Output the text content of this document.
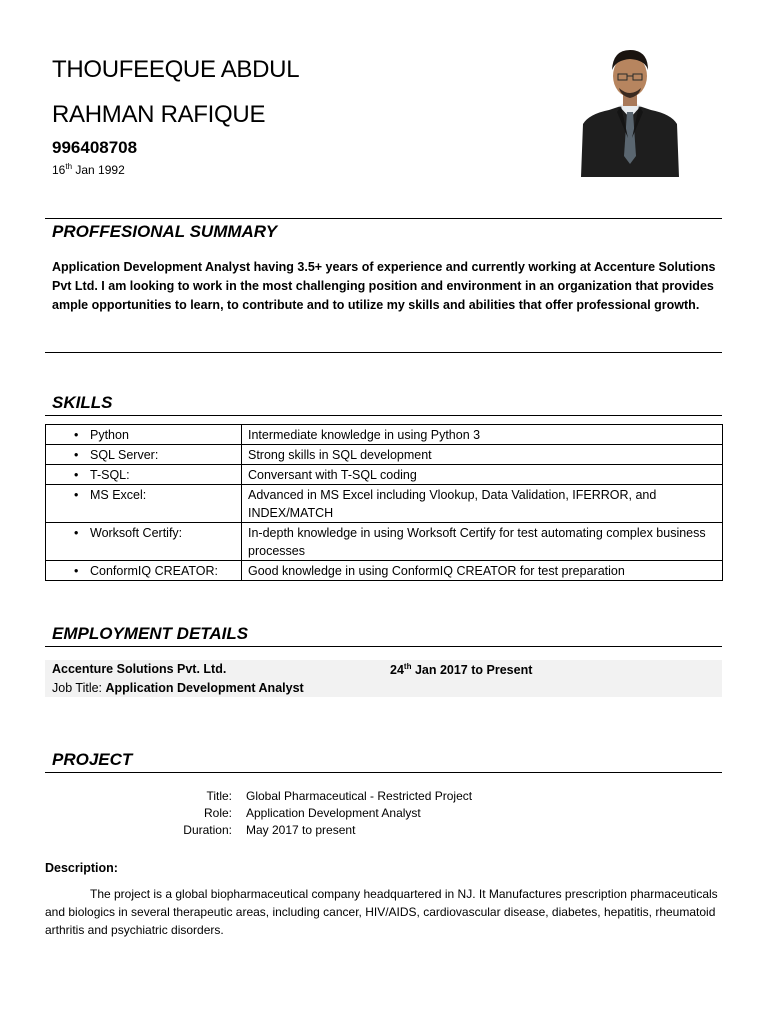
THOUFEEQUE ABDUL
RAHMAN RAFIQUE
996408708
16th Jan 1992
PROFFESIONAL SUMMARY
Application Development Analyst having 3.5+ years of experience and currently working at Accenture Solutions Pvt Ltd. I am looking to work in the most challenging position and environment in an organization that provides ample opportunities to learn, to contribute and to utilize my skills and abilities that offer professional growth.
SKILLS
• Python	Intermediate knowledge in using Python 3
• SQL Server:	Strong skills in SQL development
• T-SQL:	Conversant with T-SQL coding
• MS Excel:	Advanced in MS Excel including Vlookup, Data Validation, IFERROR, and INDEX/MATCH
• Worksoft Certify:	In-depth knowledge in using Worksoft Certify for test automating complex business processes
• ConformIQ CREATOR:	Good knowledge in using ConformIQ CREATOR for test preparation
EMPLOYMENT DETAILS
Accenture Solutions Pvt. Ltd.	24th Jan 2017 to Present
Job Title: Application Development Analyst
PROJECT
Title: Global Pharmaceutical - Restricted Project
Role: Application Development Analyst
Duration: May 2017 to present
Description:
The project is a global biopharmaceutical company headquartered in NJ. It Manufactures prescription pharmaceuticals and biologics in several therapeutic areas, including cancer, HIV/AIDS, cardiovascular disease, diabetes, hepatitis, rheumatoid arthritis and psychiatric disorders.
